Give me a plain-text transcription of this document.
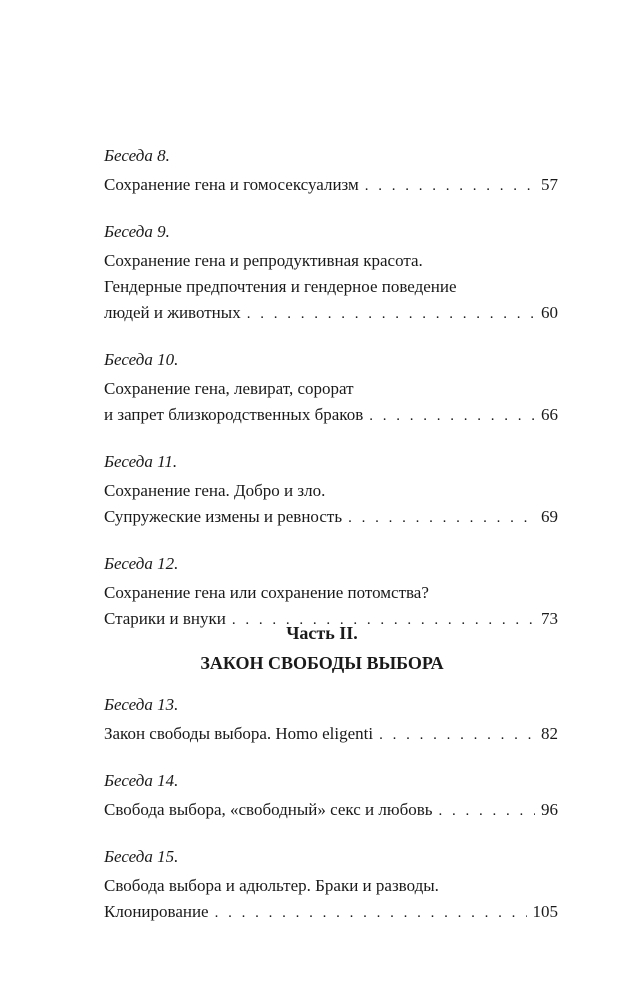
Беседа 8.
Сохранение гена и гомосексуализм . . .	57
Беседа 9.
Сохранение гена и репродуктивная красота.
Гендерные предпочтения и гендерное поведение
людей и животных . . .	60
Беседа 10.
Сохранение гена, левират, сорорат
и запрет близкородственных браков . . .	66
Беседа 11.
Сохранение гена. Добро и зло.
Супружеские измены и ревность . . .	69
Беседа 12.
Сохранение гена или сохранение потомства?
Старики и внуки . . .	73
Часть II.
ЗАКОН СВОБОДЫ ВЫБОРА
Беседа 13.
Закон свободы выбора. Homo eligenti . . .	82
Беседа 14.
Свобода выбора, «свободный» секс и любовь . . .	96
Беседа 15.
Свобода выбора и адюльтер. Браки и разводы.
Клонирование . . .	105
